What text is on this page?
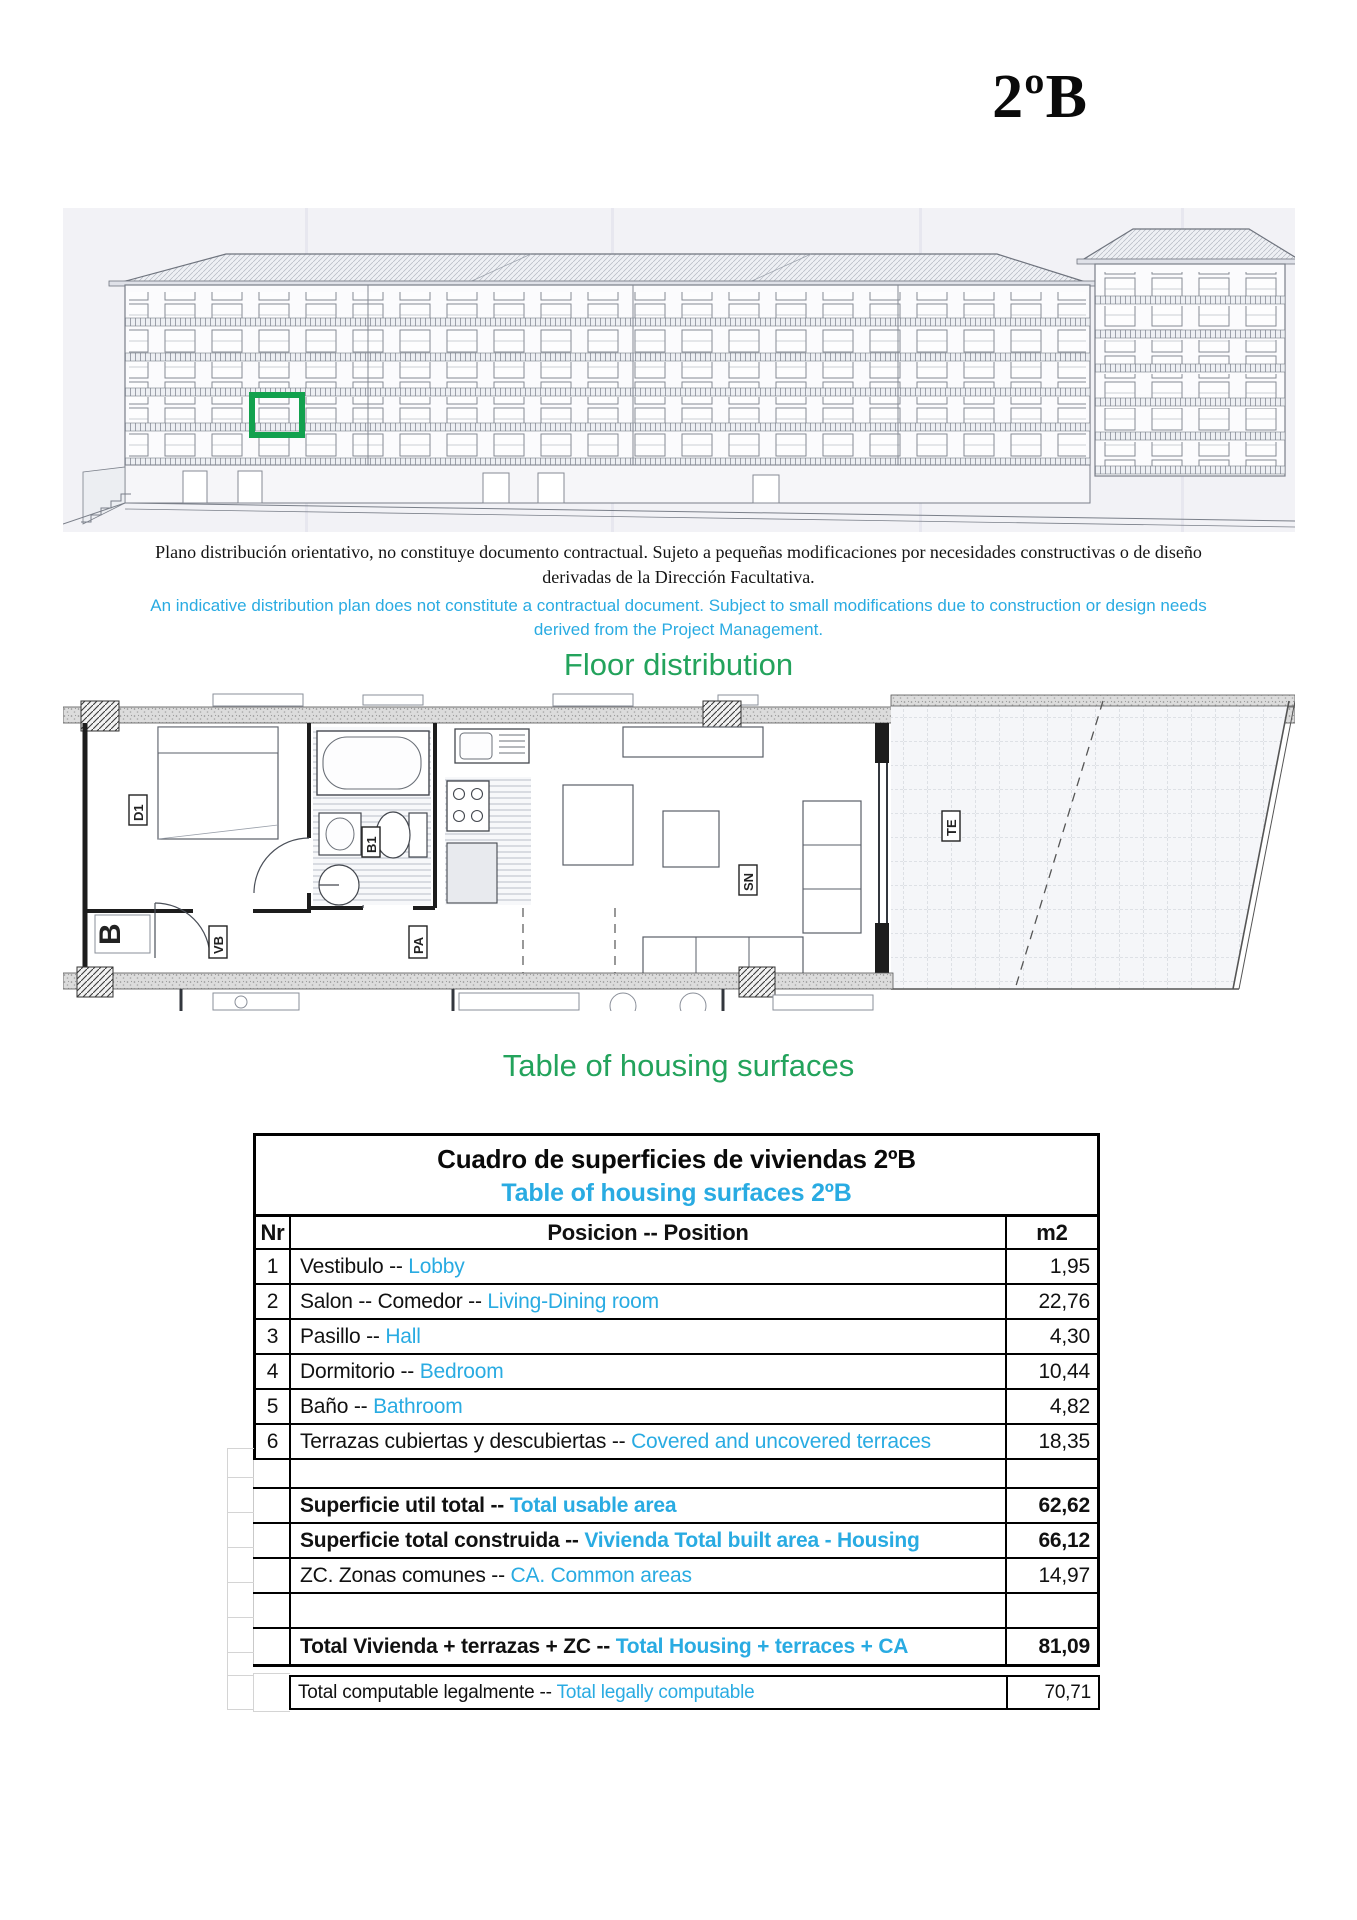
2ºB
Plano distribución orientativo, no constituye documento contractual. Sujeto a pequeñas modificaciones por necesidades constructivas o de diseño
derivadas de la Dirección Facultativa.
An indicative distribution plan does not constitute a contractual document. Subject to small modifications due to construction or design needs
derived from the Project Management.
Floor distribution
B
D1
VB	PA
B1
SN
TE
Table of housing surfaces
Cuadro de superficies de viviendas 2ºB
Table of housing surfaces 2ºB
Nr	Posicion -- Position	m2
1	Vestibulo -- Lobby	1,95
2	Salon -- Comedor -- Living-Dining room	22,76
3	Pasillo -- Hall	4,30
4	Dormitorio -- Bedroom	10,44
5	Baño -- Bathroom	4,82
6	Terrazas cubiertas y descubiertas -- Covered and uncovered terraces	18,35
Superficie util total -- Total usable area	62,62
Superficie total construida -- Vivienda Total built area - Housing	66,12
ZC. Zonas comunes -- CA. Common areas	14,97
Total Vivienda + terrazas + ZC -- Total Housing + terraces + CA	81,09
Total computable legalmente -- Total legally computable	70,71
